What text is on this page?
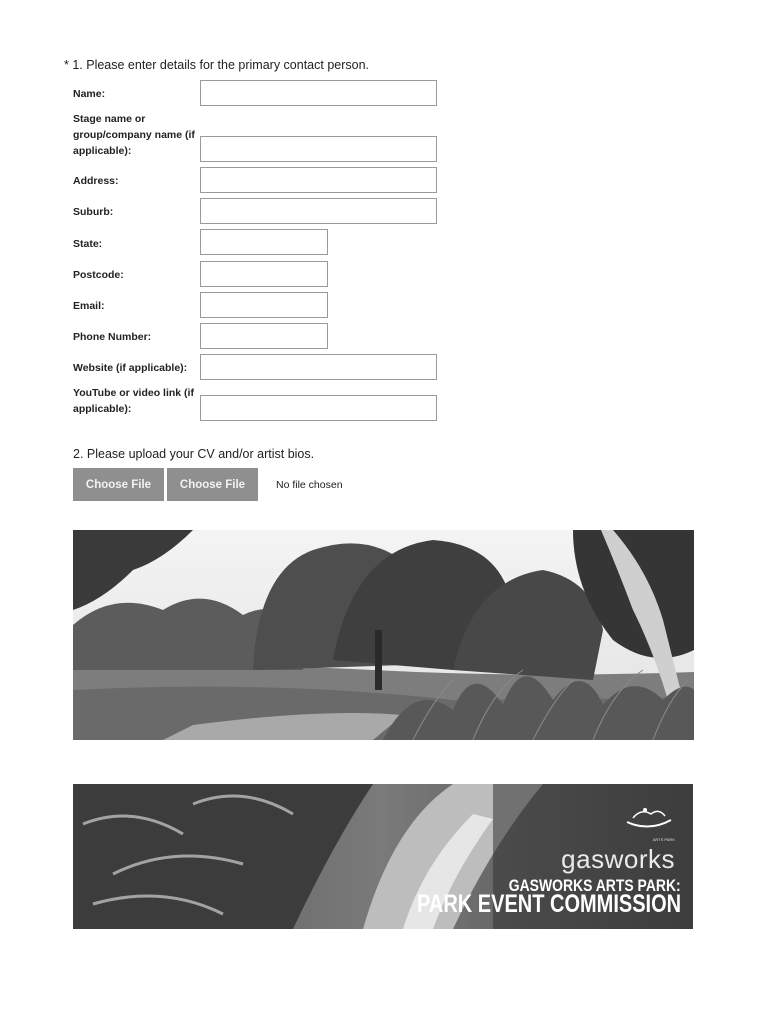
* 1. Please enter details for the primary contact person.
Name:
Stage name or group/company name (if applicable):
Address:
Suburb:
State:
Postcode:
Email:
Phone Number:
Website (if applicable):
YouTube or video link (if applicable):
2. Please upload your CV and/or artist bios.
Choose File	Choose File	No file chosen
ARTS PARK
gasworks
GASWORKS ARTS PARK:
PARK EVENT COMMISSION
